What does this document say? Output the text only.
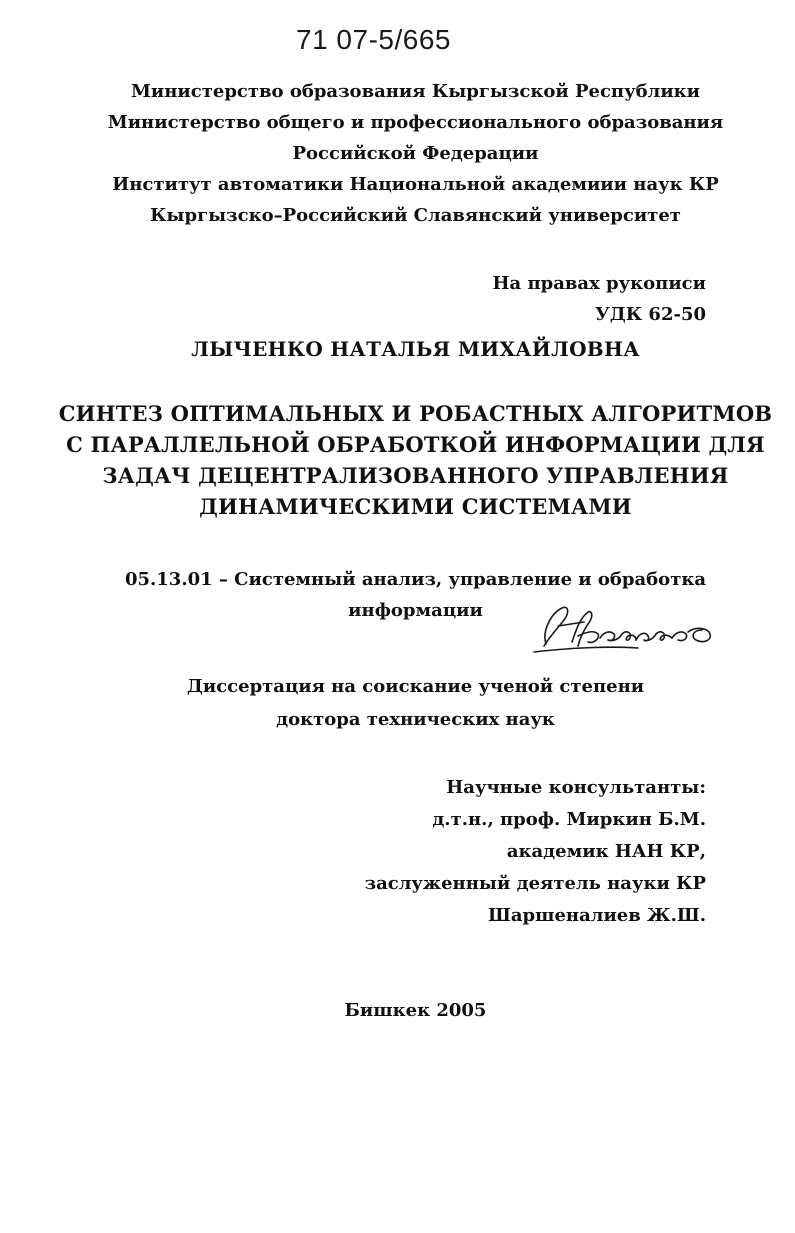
71 07-5/665
Министерство образования Кыргызской Республики
Министерство общего и профессионального образования
Российской Федерации
Институт автоматики Национальной академиии наук КР
Кыргызско–Российский Славянский университет
На правах рукописи
УДК 62-50
ЛЫЧЕНКО НАТАЛЬЯ МИХАЙЛОВНА
СИНТЕЗ ОПТИМАЛЬНЫХ И РОБАСТНЫХ АЛГОРИТМОВ
С ПАРАЛЛЕЛЬНОЙ ОБРАБОТКОЙ ИНФОРМАЦИИ ДЛЯ
ЗАДАЧ ДЕЦЕНТРАЛИЗОВАННОГО УПРАВЛЕНИЯ
ДИНАМИЧЕСКИМИ СИСТЕМАМИ
05.13.01 – Системный анализ, управление и обработка
информации
Диссертация на соискание ученой степени
доктора технических наук
Научные консультанты:
д.т.н., проф. Миркин Б.М.
академик НАН КР,
заслуженный деятель науки КР
Шаршеналиев Ж.Ш.
Бишкек 2005
